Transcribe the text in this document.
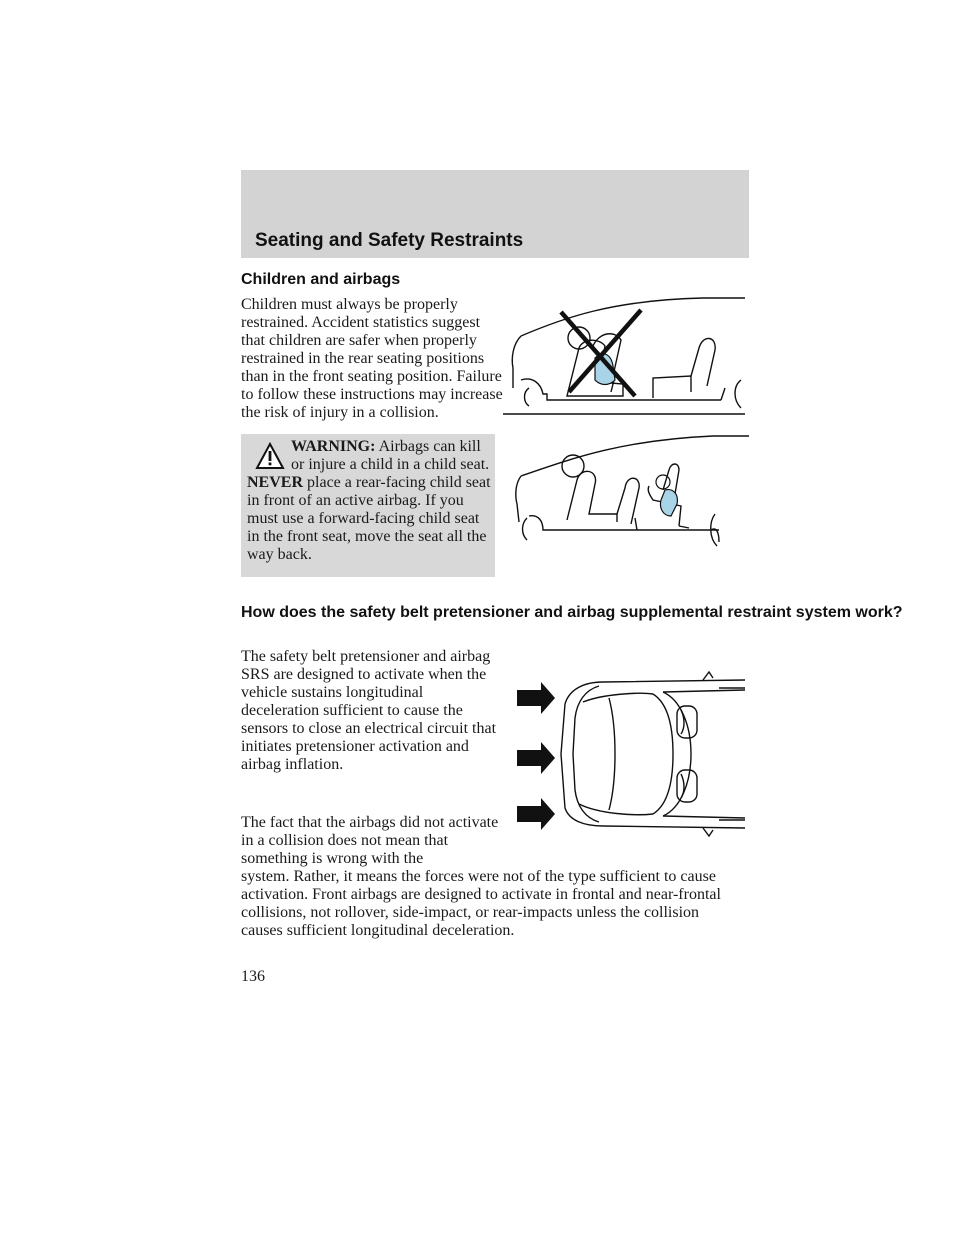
Seating and Safety Restraints
Children and airbags
Children must always be properly restrained. Accident statistics suggest that children are safer when properly restrained in the rear seating positions than in the front seating position. Failure to follow these instructions may increase the risk of injury in a collision.
WARNING: Airbags can kill or injure a child in a child seat. NEVER place a rear-facing child seat in front of an active airbag. If you must use a forward-facing child seat in the front seat, move the seat all the way back.
How does the safety belt pretensioner and airbag supplemental restraint system work?
The safety belt pretensioner and airbag SRS are designed to activate when the vehicle sustains longitudinal deceleration sufficient to cause the sensors to close an electrical circuit that initiates pretensioner activation and airbag inflation.
The fact that the airbags did not activate in a collision does not mean that something is wrong with the
system. Rather, it means the forces were not of the type sufficient to cause activation. Front airbags are designed to activate in frontal and near-frontal collisions, not rollover, side-impact, or rear-impacts unless the collision causes sufficient longitudinal deceleration.
136
